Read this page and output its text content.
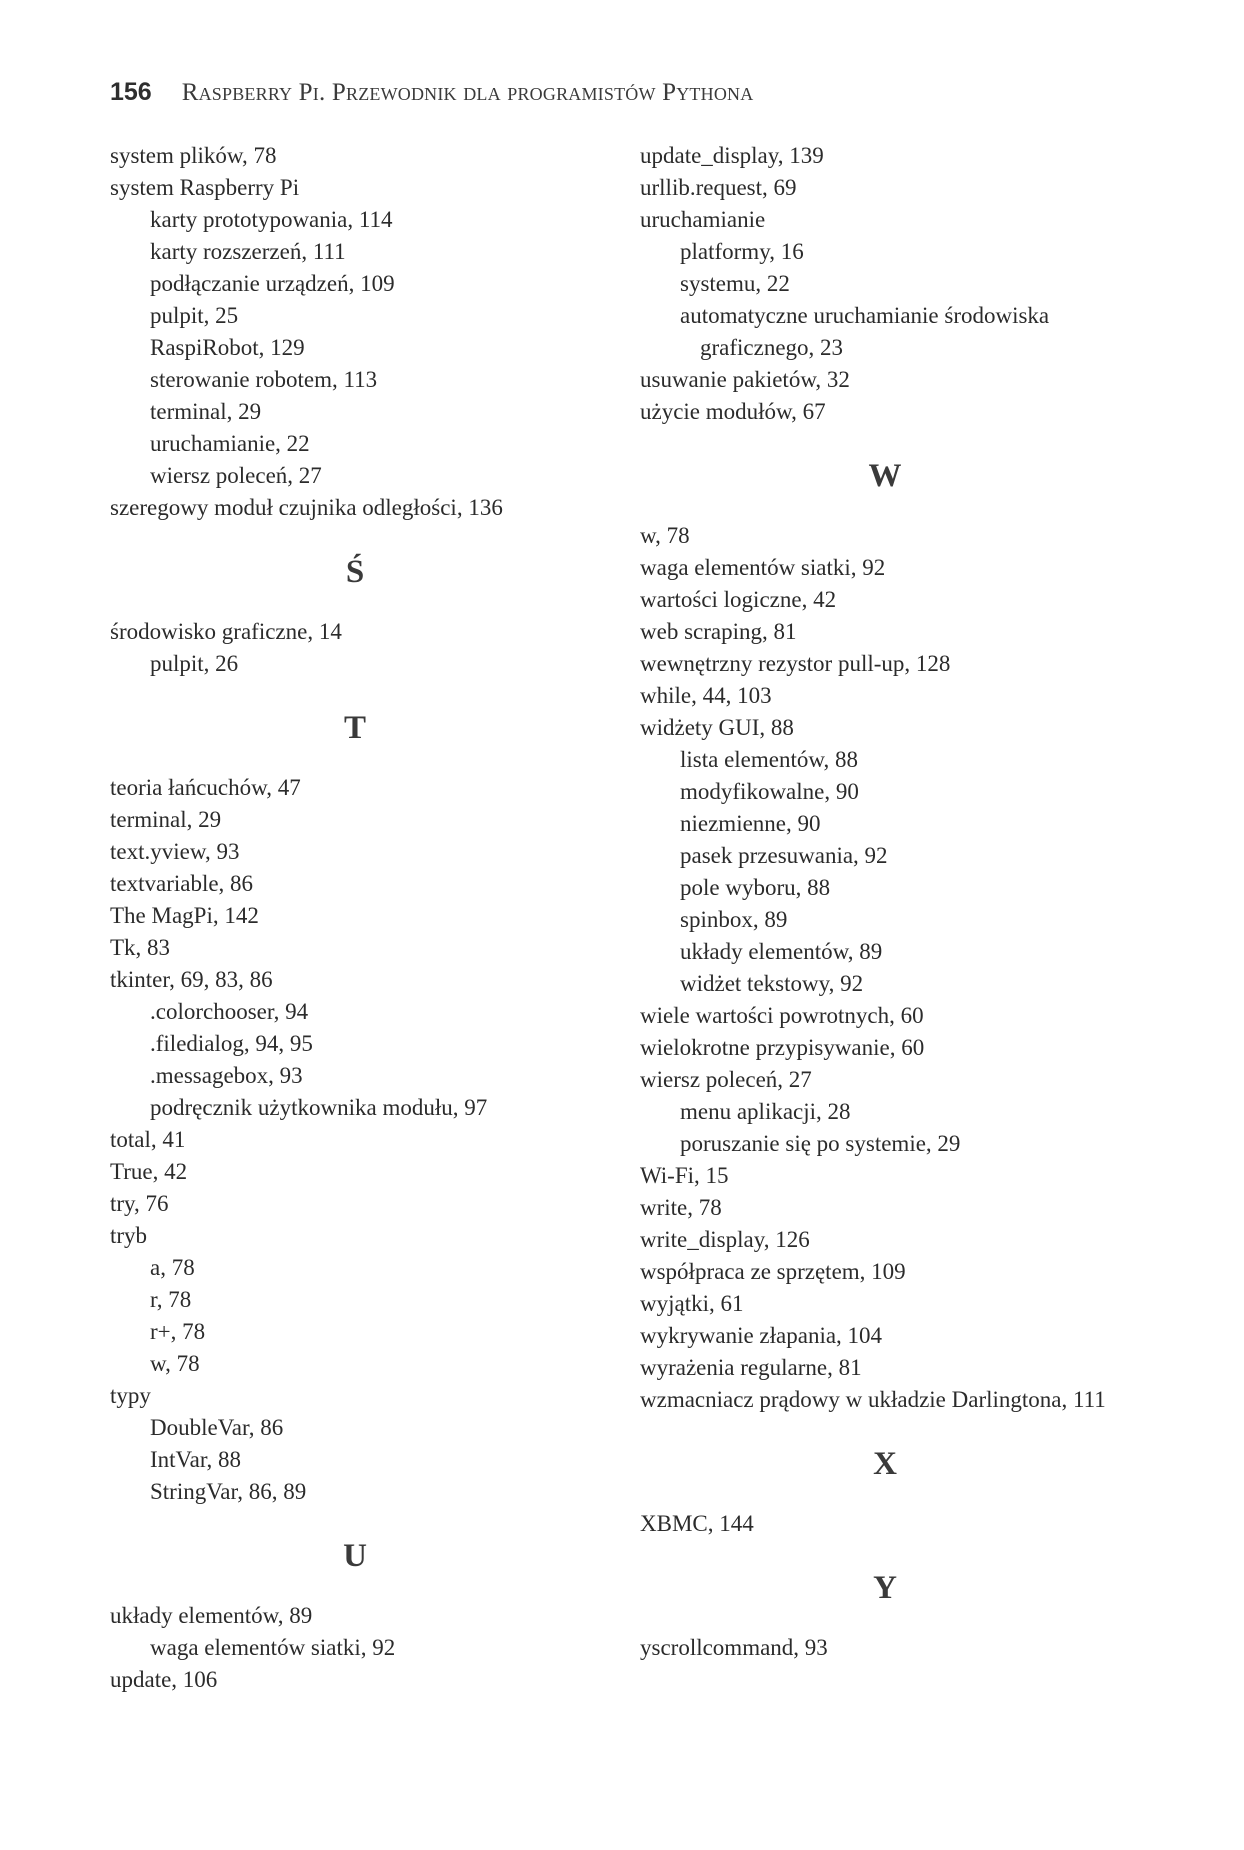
156 Raspberry Pi. Przewodnik dla programistów Pythona
system plików, 78
system Raspberry Pi
karty prototypowania, 114
karty rozszerzeń, 111
podłączanie urządzeń, 109
pulpit, 25
RaspiRobot, 129
sterowanie robotem, 113
terminal, 29
uruchamianie, 22
wiersz poleceń, 27
szeregowy moduł czujnika odległości, 136
Ś
środowisko graficzne, 14
pulpit, 26
T
teoria łańcuchów, 47
terminal, 29
text.yview, 93
textvariable, 86
The MagPi, 142
Tk, 83
tkinter, 69, 83, 86
.colorchooser, 94
.filedialog, 94, 95
.messagebox, 93
podręcznik użytkownika modułu, 97
total, 41
True, 42
try, 76
tryb
a, 78
r, 78
r+, 78
w, 78
typy
DoubleVar, 86
IntVar, 88
StringVar, 86, 89
U
układy elementów, 89
waga elementów siatki, 92
update, 106
update_display, 139
urllib.request, 69
uruchamianie
platformy, 16
systemu, 22
automatyczne uruchamianie środowiska
graficznego, 23
usuwanie pakietów, 32
użycie modułów, 67
W
w, 78
waga elementów siatki, 92
wartości logiczne, 42
web scraping, 81
wewnętrzny rezystor pull-up, 128
while, 44, 103
widżety GUI, 88
lista elementów, 88
modyfikowalne, 90
niezmienne, 90
pasek przesuwania, 92
pole wyboru, 88
spinbox, 89
układy elementów, 89
widżet tekstowy, 92
wiele wartości powrotnych, 60
wielokrotne przypisywanie, 60
wiersz poleceń, 27
menu aplikacji, 28
poruszanie się po systemie, 29
Wi-Fi, 15
write, 78
write_display, 126
współpraca ze sprzętem, 109
wyjątki, 61
wykrywanie złapania, 104
wyrażenia regularne, 81
wzmacniacz prądowy w układzie Darlingtona, 111
X
XBMC, 144
Y
yscrollcommand, 93
